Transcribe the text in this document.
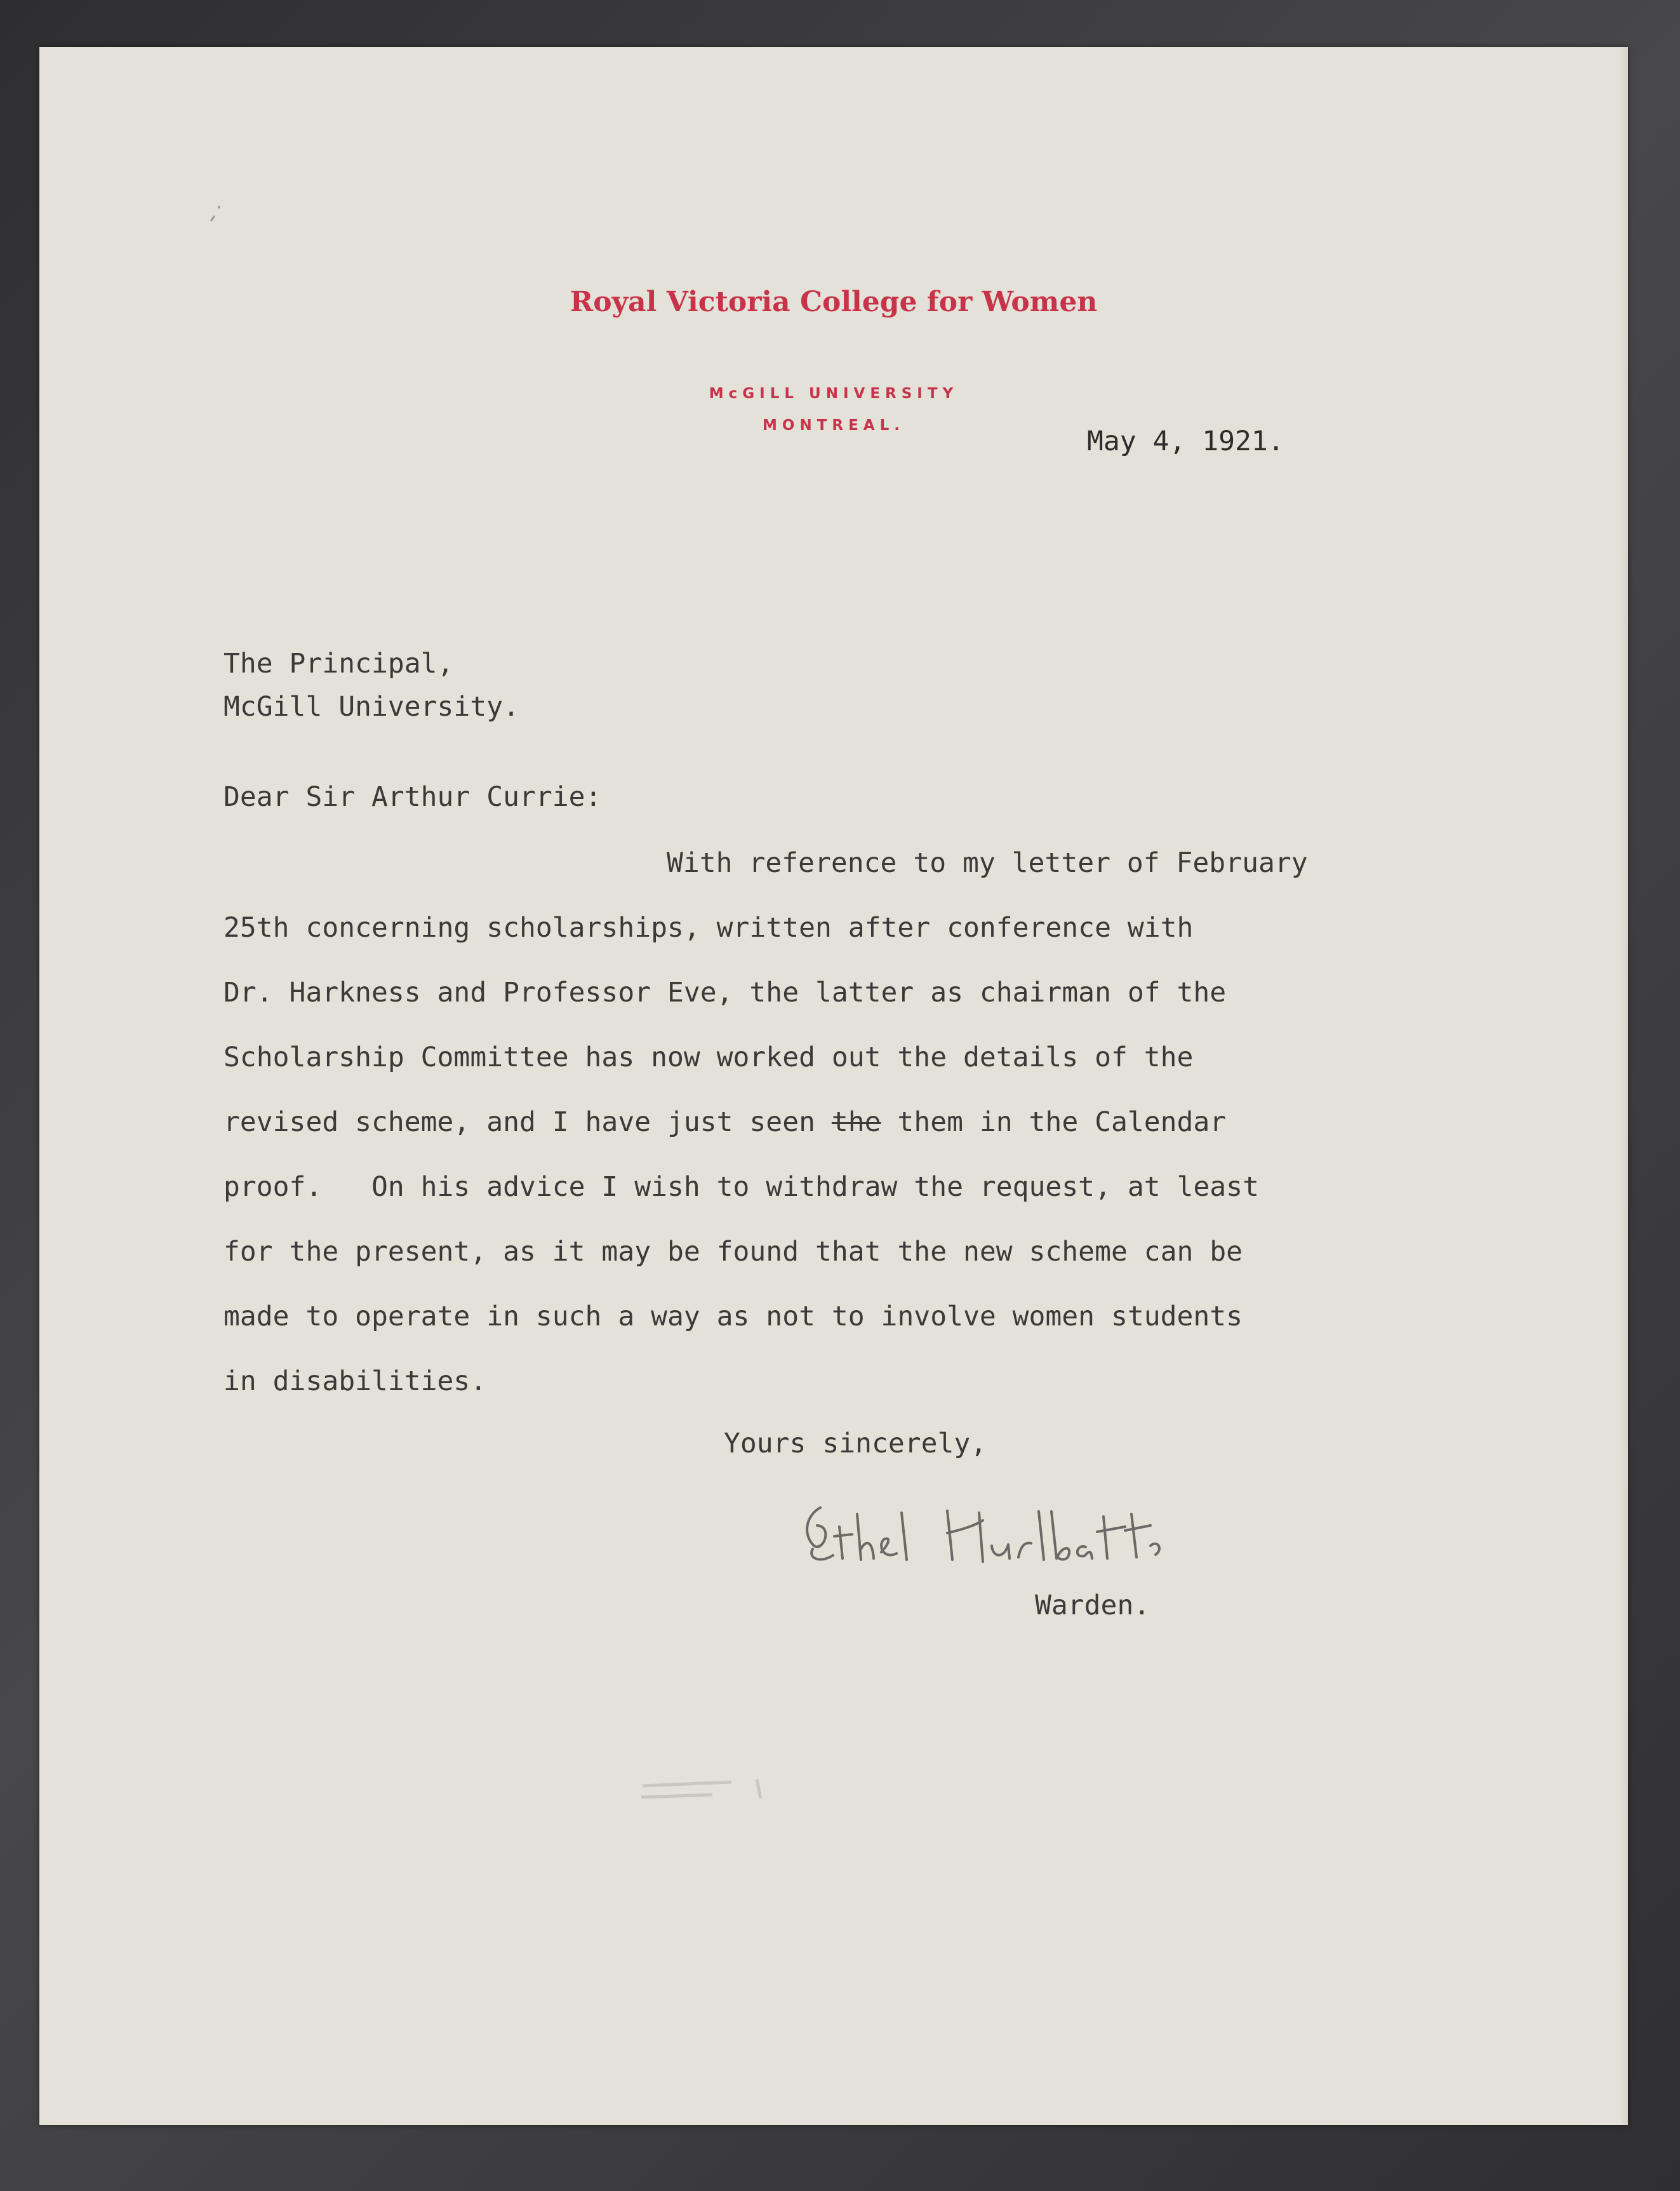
Royal Victoria College for Women
McGILL UNIVERSITY
MONTREAL.	May 4, 1921.
The Principal,
McGill University.
Dear Sir Arthur Currie:
With reference to my letter of February
25th concerning scholarships, written after conference with
Dr. Harkness and Professor Eve, the latter as chairman of the
Scholarship Committee has now worked out the details of the
revised scheme, and I have just seen the them in the Calendar
proof.   On his advice I wish to withdraw the request, at least
for the present, as it may be found that the new scheme can be
made to operate in such a way as not to involve women students
in disabilities.
Yours sincerely,
Warden.
